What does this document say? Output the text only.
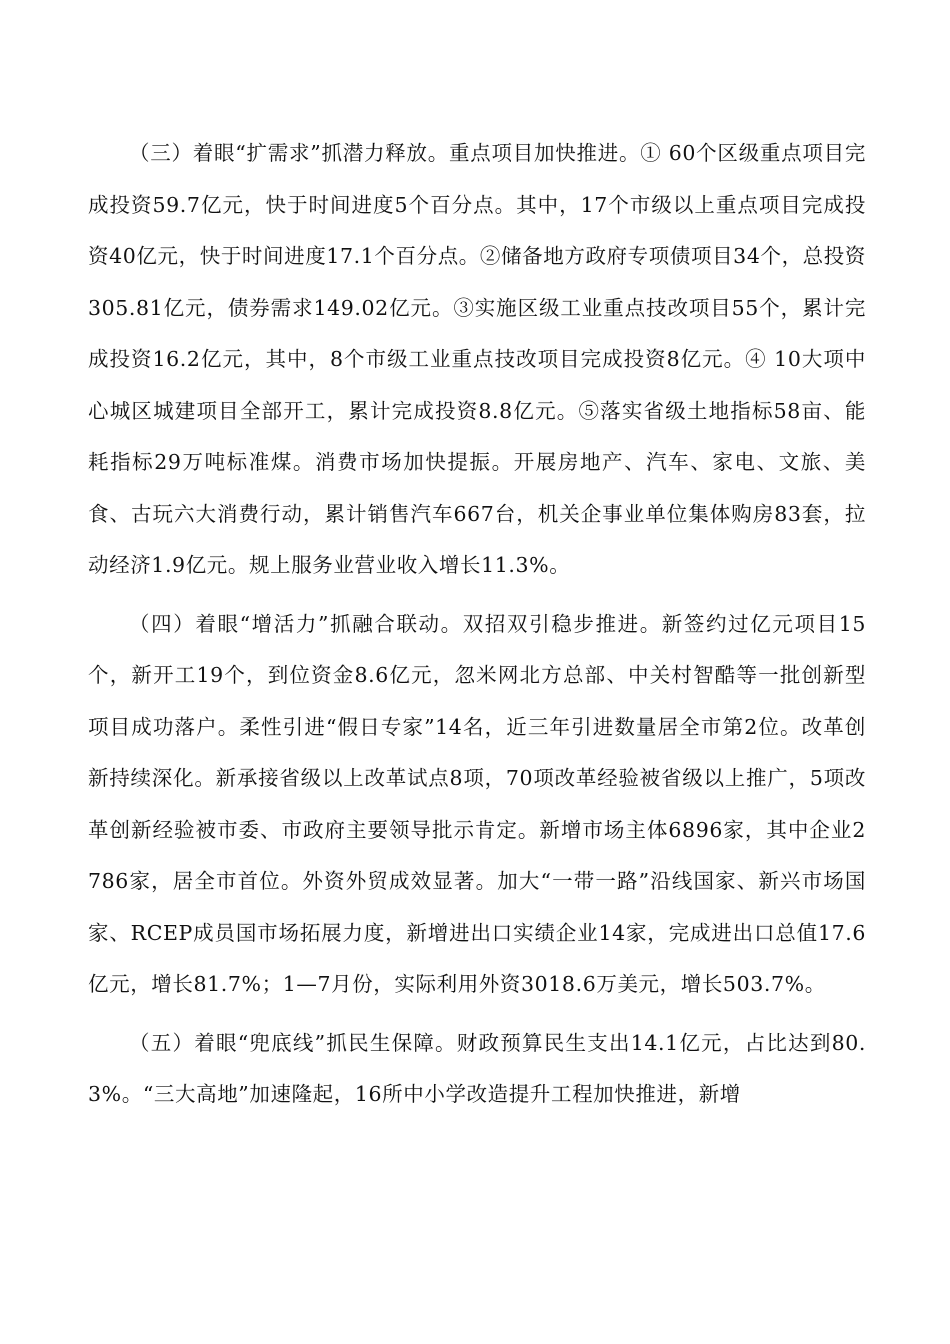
（三）着眼“扩需求”抓潜力释放。重点项目加快推进。① 60个区级重点项目完成投资59.7亿元，快于时间进度5个百分点。其中，17个市级以上重点项目完成投资40亿元，快于时间进度17.1个百分点。②储备地方政府专项债项目34个，总投资305.81亿元，债券需求149.02亿元。③实施区级工业重点技改项目55个，累计完成投资16.2亿元，其中，8个市级工业重点技改项目完成投资8亿元。④ 10大项中心城区城建项目全部开工，累计完成投资8.8亿元。⑤落实省级土地指标58亩、能耗指标29万吨标准煤。消费市场加快提振。开展房地产、汽车、家电、文旅、美食、古玩六大消费行动，累计销售汽车667台，机关企事业单位集体购房83套，拉动经济1.9亿元。规上服务业营业收入增长11.3%。

（四）着眼“增活力”抓融合联动。双招双引稳步推进。新签约过亿元项目15个，新开工19个，到位资金8.6亿元，忽米网北方总部、中关村智酷等一批创新型项目成功落户。柔性引进“假日专家”14名，近三年引进数量居全市第2位。改革创新持续深化。新承接省级以上改革试点8项，70项改革经验被省级以上推广，5项改革创新经验被市委、市政府主要领导批示肯定。新增市场主体6896家，其中企业2786家，居全市首位。外资外贸成效显著。加大“一带一路”沿线国家、新兴市场国家、RCEP成员国市场拓展力度，新增进出口实绩企业14家，完成进出口总值17.6亿元，增长81.7%；1—7月份，实际利用外资3018.6万美元，增长503.7%。

（五）着眼“兜底线”抓民生保障。财政预算民生支出14.1亿元，占比达到80.3%。“三大高地”加速隆起，16所中小学改造提升工程加快推进，新增
